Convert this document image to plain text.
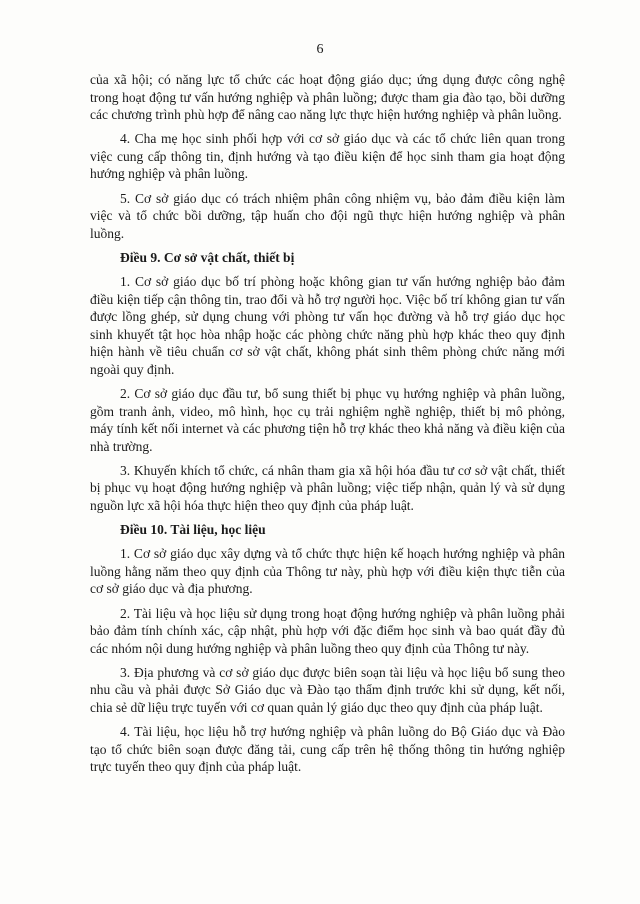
6

của xã hội; có năng lực tổ chức các hoạt động giáo dục; ứng dụng được công nghệ trong hoạt động tư vấn hướng nghiệp và phân luồng; được tham gia đào tạo, bồi dưỡng các chương trình phù hợp để nâng cao năng lực thực hiện hướng nghiệp và phân luồng.

4. Cha mẹ học sinh phối hợp với cơ sở giáo dục và các tổ chức liên quan trong việc cung cấp thông tin, định hướng và tạo điều kiện để học sinh tham gia hoạt động hướng nghiệp và phân luồng.

5. Cơ sở giáo dục có trách nhiệm phân công nhiệm vụ, bảo đảm điều kiện làm việc và tổ chức bồi dưỡng, tập huấn cho đội ngũ thực hiện hướng nghiệp và phân luồng.

Điều 9. Cơ sở vật chất, thiết bị

1. Cơ sở giáo dục bố trí phòng hoặc không gian tư vấn hướng nghiệp bảo đảm điều kiện tiếp cận thông tin, trao đổi và hỗ trợ người học. Việc bố trí không gian tư vấn được lồng ghép, sử dụng chung với phòng tư vấn học đường và hỗ trợ giáo dục học sinh khuyết tật học hòa nhập hoặc các phòng chức năng phù hợp khác theo quy định hiện hành về tiêu chuẩn cơ sở vật chất, không phát sinh thêm phòng chức năng mới ngoài quy định.

2. Cơ sở giáo dục đầu tư, bổ sung thiết bị phục vụ hướng nghiệp và phân luồng, gồm tranh ảnh, video, mô hình, học cụ trải nghiệm nghề nghiệp, thiết bị mô phỏng, máy tính kết nối internet và các phương tiện hỗ trợ khác theo khả năng và điều kiện của nhà trường.

3. Khuyến khích tổ chức, cá nhân tham gia xã hội hóa đầu tư cơ sở vật chất, thiết bị phục vụ hoạt động hướng nghiệp và phân luồng; việc tiếp nhận, quản lý và sử dụng nguồn lực xã hội hóa thực hiện theo quy định của pháp luật.

Điều 10. Tài liệu, học liệu

1. Cơ sở giáo dục xây dựng và tổ chức thực hiện kế hoạch hướng nghiệp và phân luồng hằng năm theo quy định của Thông tư này, phù hợp với điều kiện thực tiễn của cơ sở giáo dục và địa phương.

2. Tài liệu và học liệu sử dụng trong hoạt động hướng nghiệp và phân luồng phải bảo đảm tính chính xác, cập nhật, phù hợp với đặc điểm học sinh và bao quát đầy đủ các nhóm nội dung hướng nghiệp và phân luồng theo quy định của Thông tư này.

3. Địa phương và cơ sở giáo dục được biên soạn tài liệu và học liệu bổ sung theo nhu cầu và phải được Sở Giáo dục và Đào tạo thẩm định trước khi sử dụng, kết nối, chia sẻ dữ liệu trực tuyến với cơ quan quản lý giáo dục theo quy định của pháp luật.

4. Tài liệu, học liệu hỗ trợ hướng nghiệp và phân luồng do Bộ Giáo dục và Đào tạo tổ chức biên soạn được đăng tải, cung cấp trên hệ thống thông tin hướng nghiệp trực tuyến theo quy định của pháp luật.
